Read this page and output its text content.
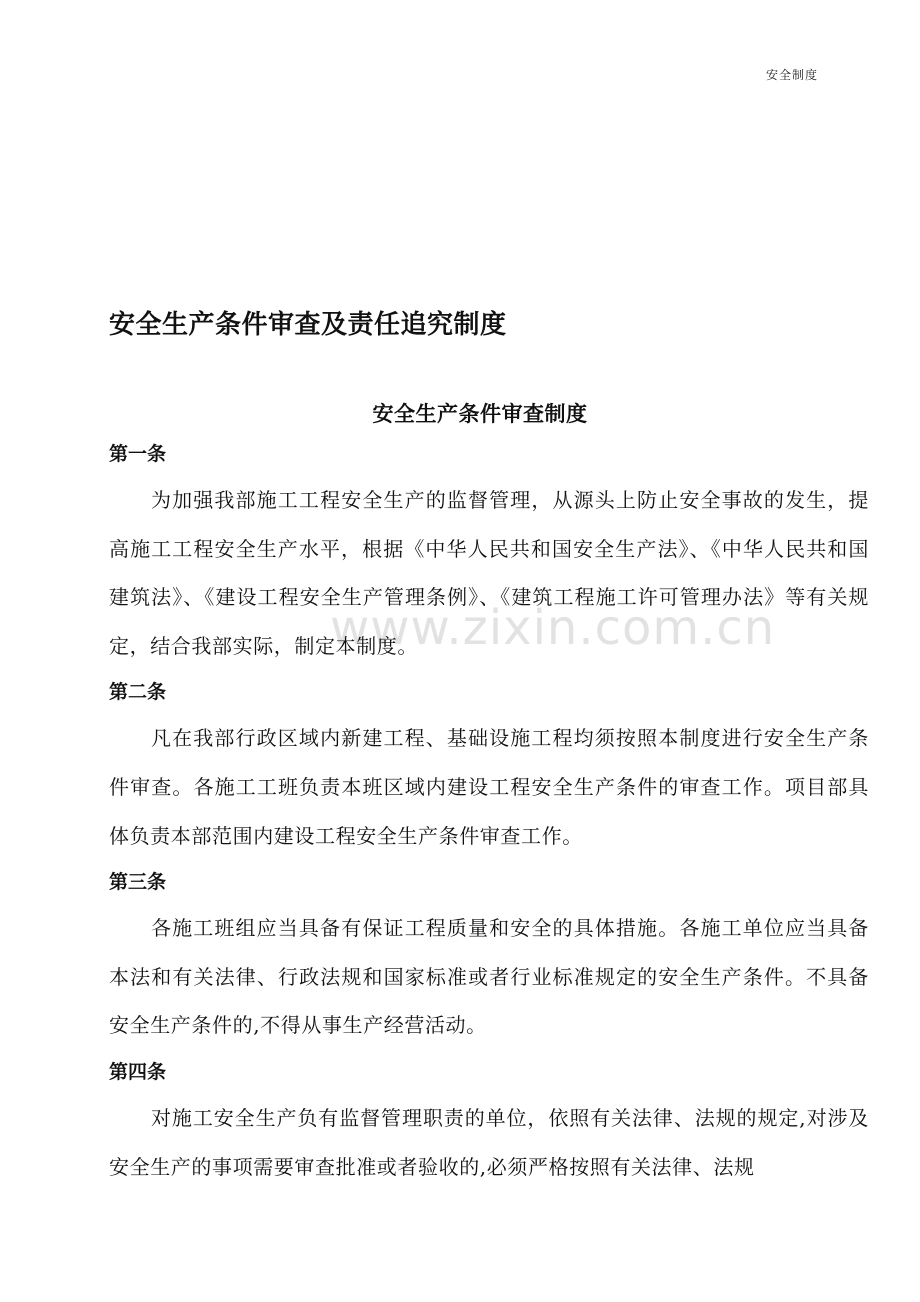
安全制度
www.zixin.com.cn
安全生产条件审查及责任追究制度
安全生产条件审查制度
第一条

为加强我部施工工程安全生产的监督管理，从源头上防止安全事故的发生，提高施工工程安全生产水平，根据《中华人民共和国安全生产法》、《中华人民共和国建筑法》、《建设工程安全生产管理条例》、《建筑工程施工许可管理办法》等有关规定，结合我部实际，制定本制度。

第二条

凡在我部行政区域内新建工程、基础设施工程均须按照本制度进行安全生产条件审查。各施工工班负责本班区域内建设工程安全生产条件的审查工作。项目部具体负责本部范围内建设工程安全生产条件审查工作。

第三条

各施工班组应当具备有保证工程质量和安全的具体措施。各施工单位应当具备本法和有关法律、行政法规和国家标准或者行业标准规定的安全生产条件。不具备安全生产条件的,不得从事生产经营活动。

第四条

对施工安全生产负有监督管理职责的单位，依照有关法律、法规的规定,对涉及安全生产的事项需要审查批准或者验收的,必须严格按照有关法律、法规
